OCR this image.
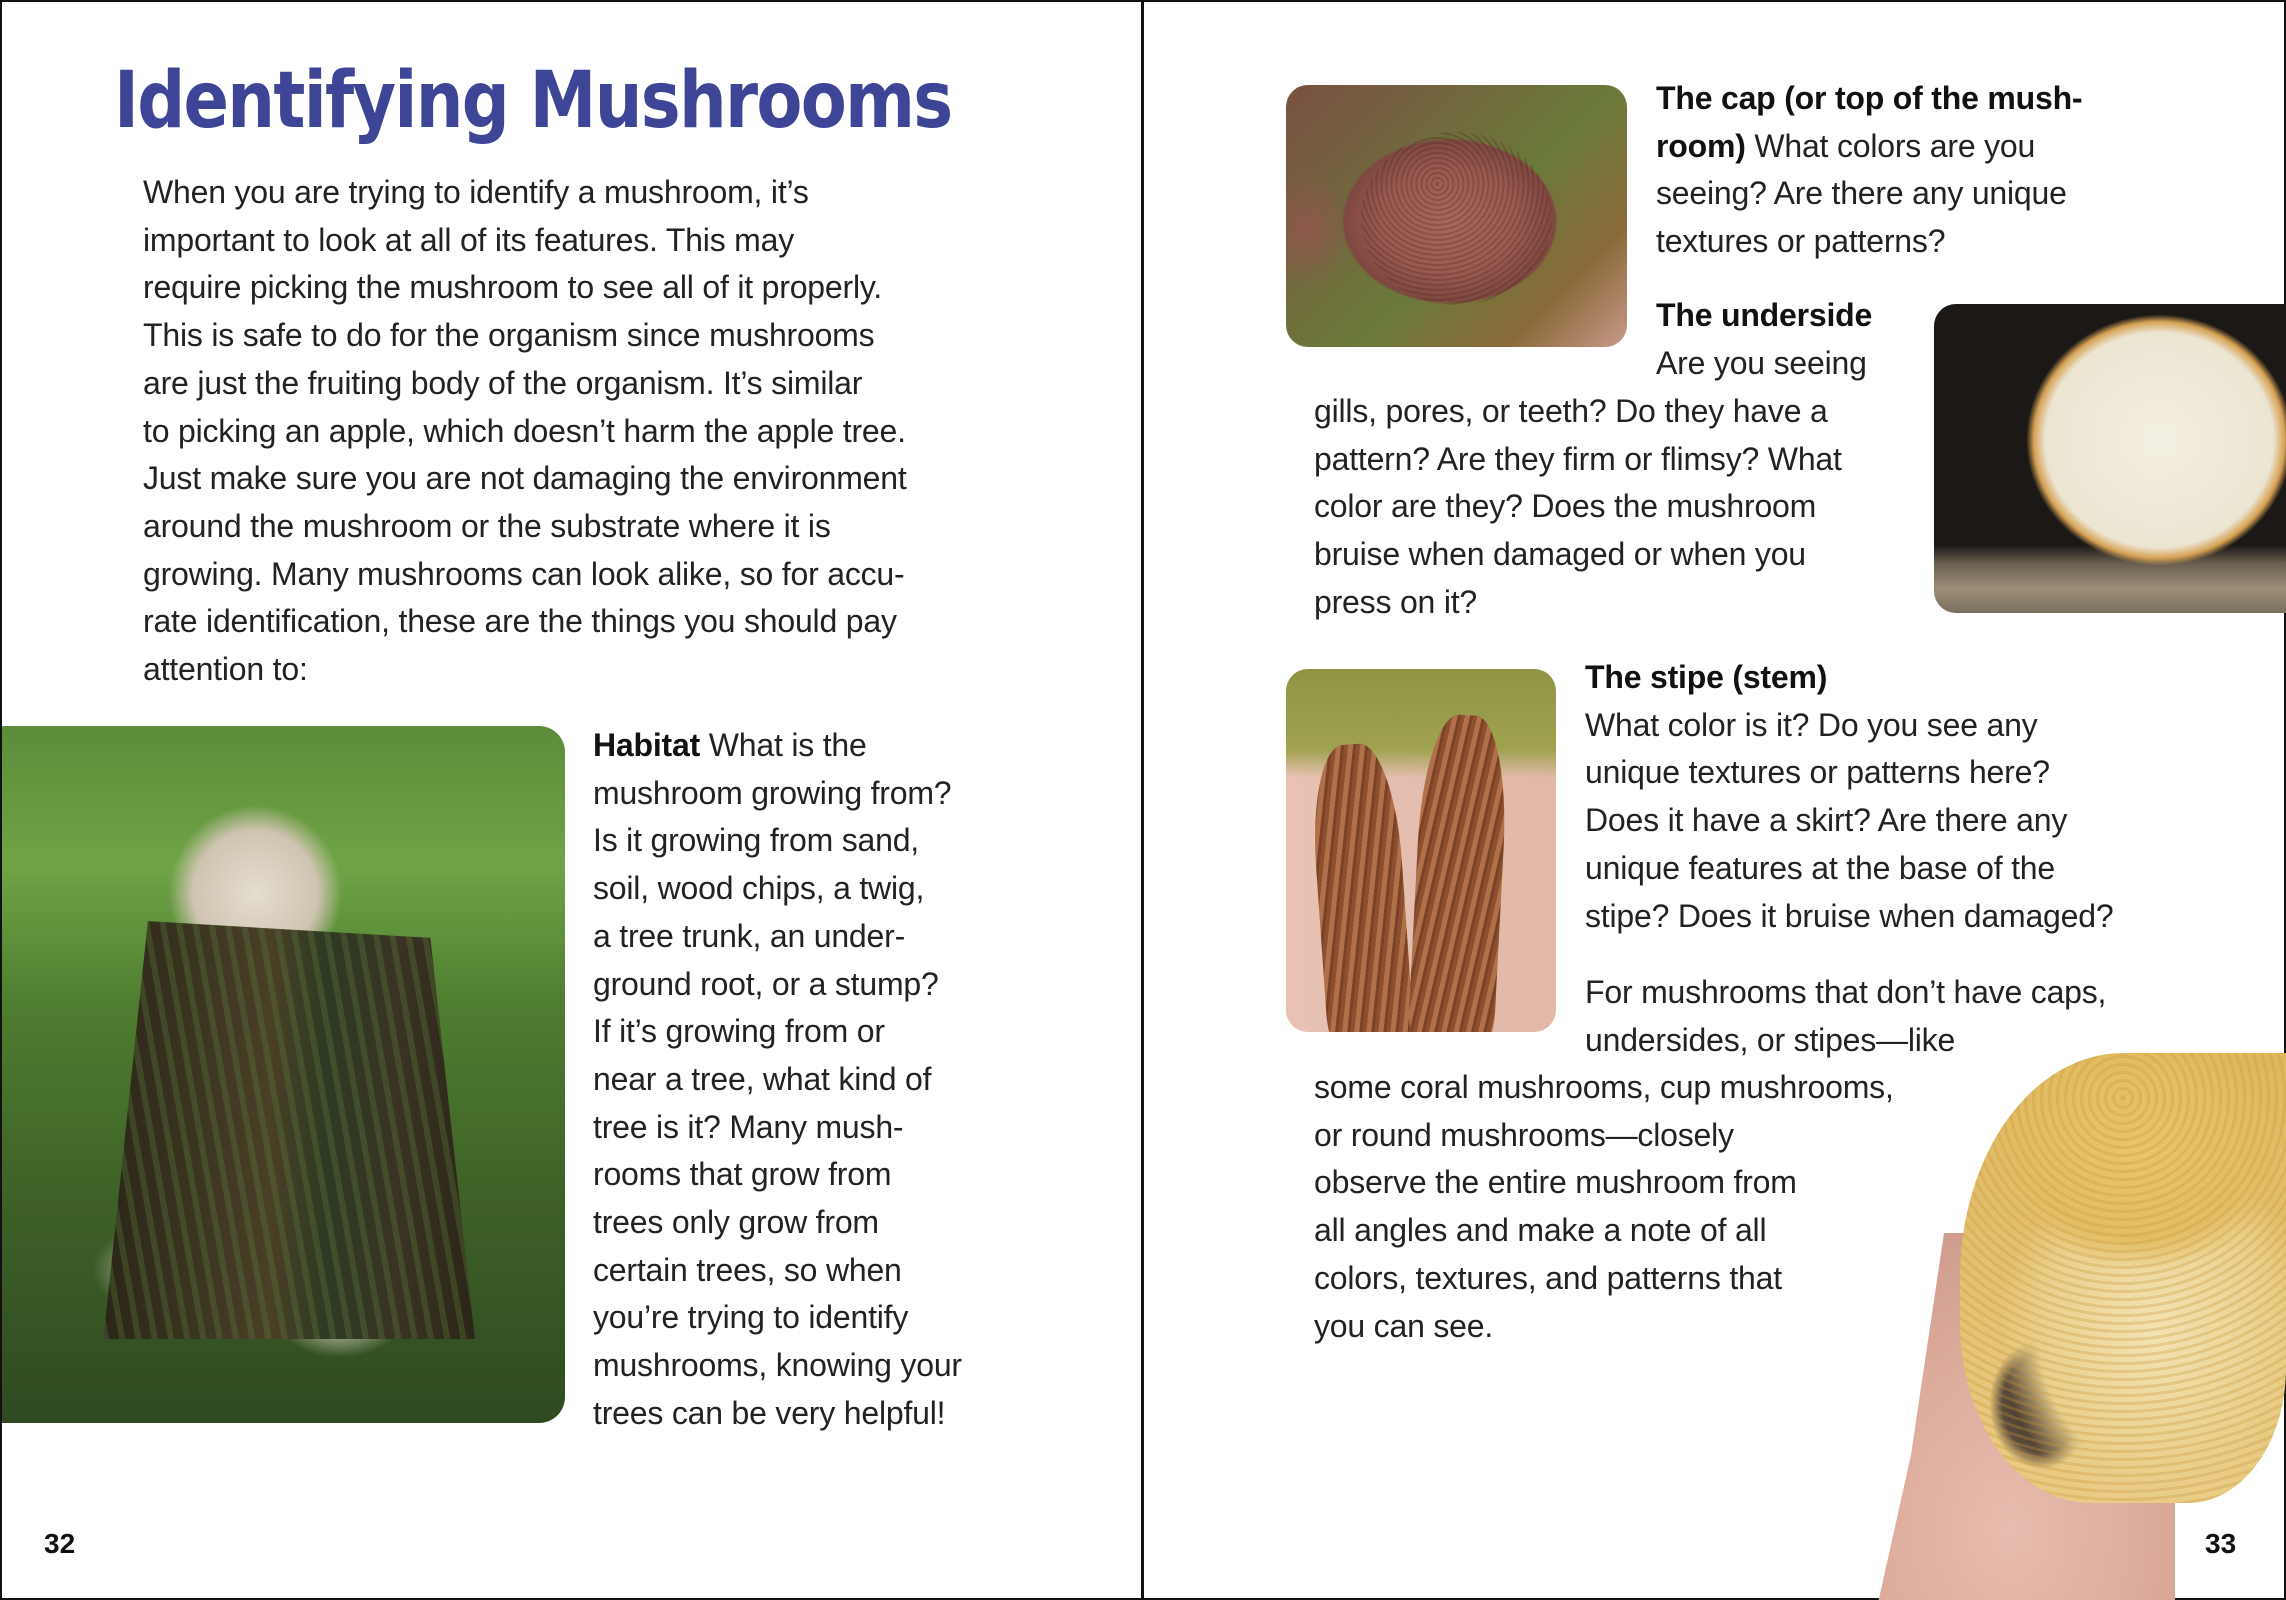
Identifying Mushrooms
When you are trying to identify a mushroom, it’s
important to look at all of its features. This may
require picking the mushroom to see all of it properly.
This is safe to do for the organism since mushrooms
are just the fruiting body of the organism. It’s similar
to picking an apple, which doesn’t harm the apple tree.
Just make sure you are not damaging the environment
around the mushroom or the substrate where it is
growing. Many mushrooms can look alike, so for accu-
rate identification, these are the things you should pay
attention to:
Habitat What is the
mushroom growing from?
Is it growing from sand,
soil, wood chips, a twig,
a tree trunk, an under-
ground root, or a stump?
If it’s growing from or
near a tree, what kind of
tree is it? Many mush-
rooms that grow from
trees only grow from
certain trees, so when
you’re trying to identify
mushrooms, knowing your
trees can be very helpful!
32
The cap (or top of the mush-
room) What colors are you
seeing? Are there any unique
textures or patterns?
The underside
Are you seeing
gills, pores, or teeth? Do they have a
pattern? Are they firm or flimsy? What
color are they? Does the mushroom
bruise when damaged or when you
press on it?
The stipe (stem)
What color is it? Do you see any
unique textures or patterns here?
Does it have a skirt? Are there any
unique features at the base of the
stipe? Does it bruise when damaged?
For mushrooms that don’t have caps,
undersides, or stipes—like
some coral mushrooms, cup mushrooms,
or round mushrooms—closely
observe the entire mushroom from
all angles and make a note of all
colors, textures, and patterns that
you can see.
33
